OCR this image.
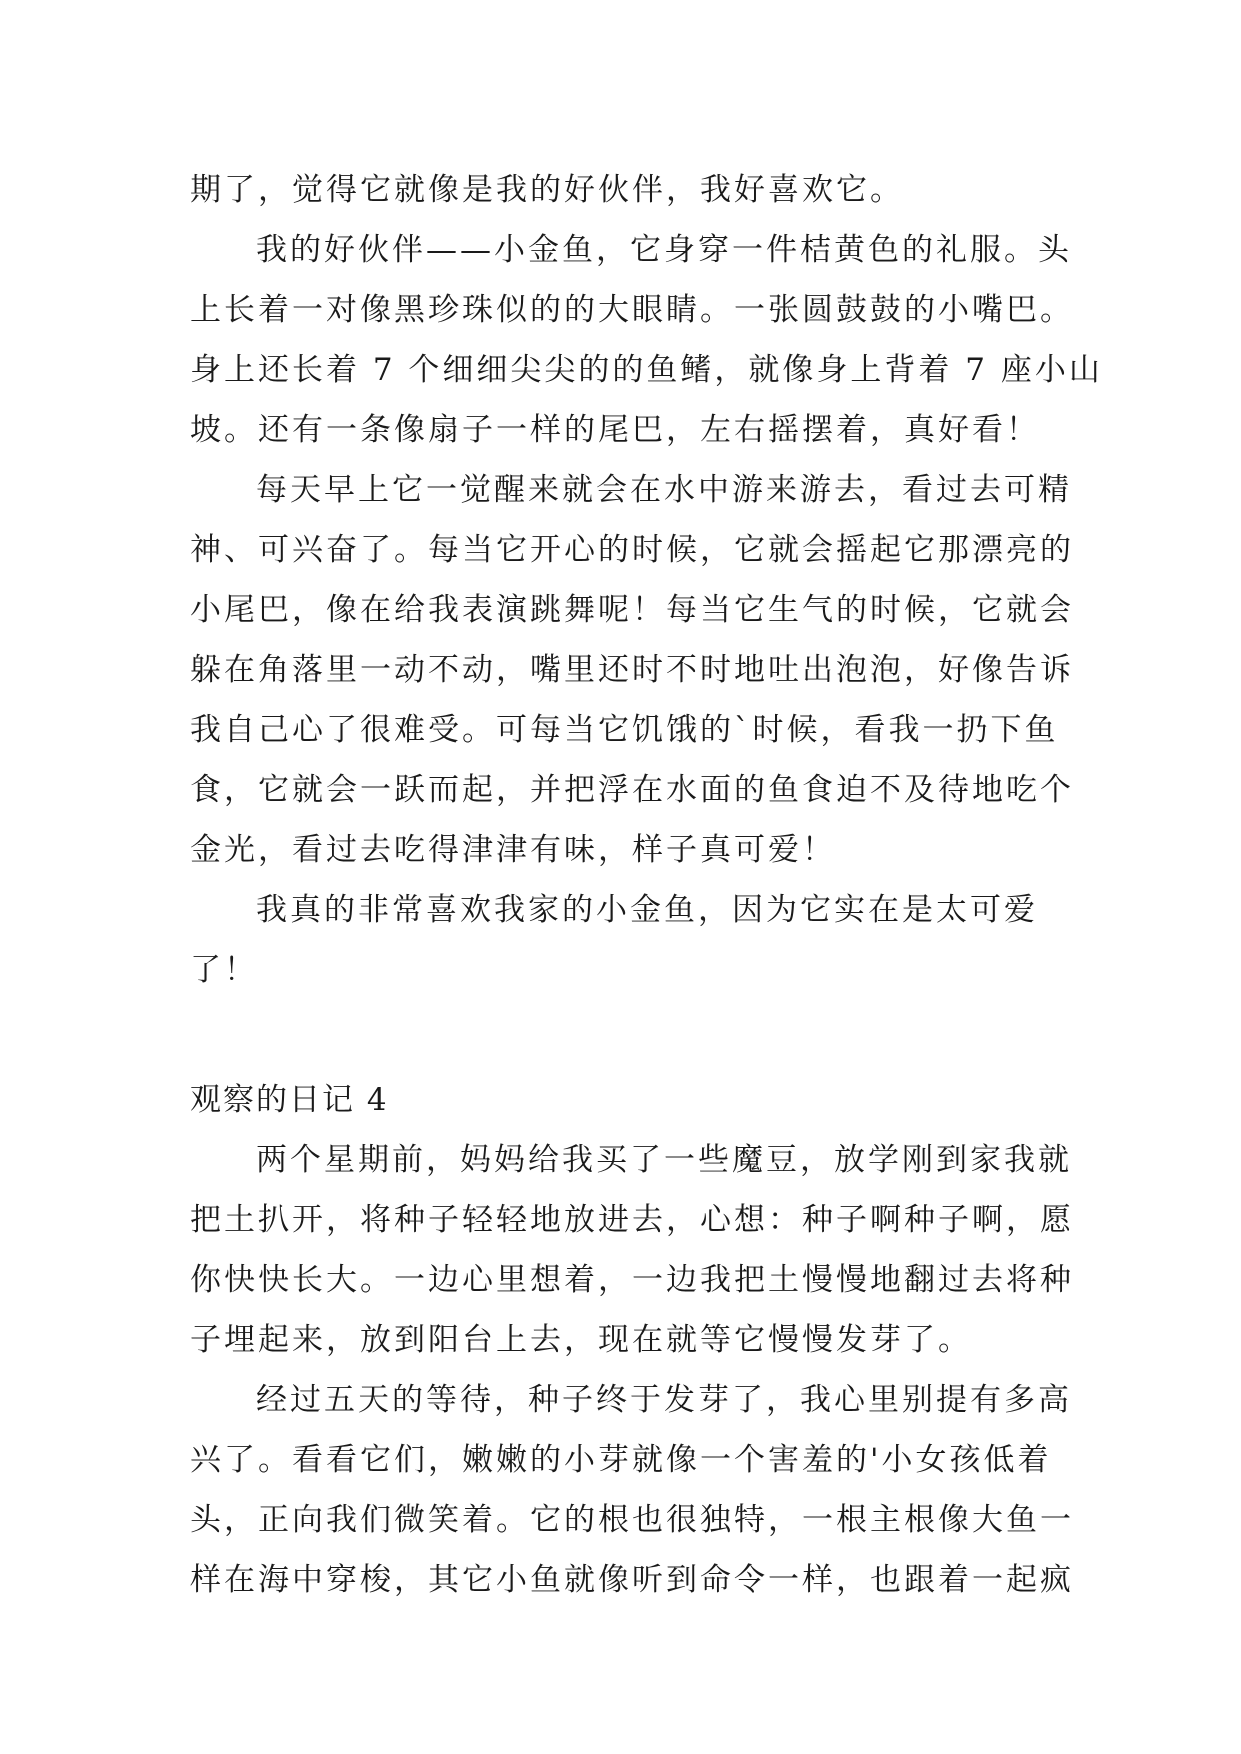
期了，觉得它就像是我的好伙伴，我好喜欢它。

我的好伙伴——小金鱼，它身穿一件桔黄色的礼服。头

上长着一对像黑珍珠似的的大眼睛。一张圆鼓鼓的小嘴巴。

身上还长着 7 个细细尖尖的的鱼鳍，就像身上背着 7 座小山

坡。还有一条像扇子一样的尾巴，左右摇摆着，真好看！

每天早上它一觉醒来就会在水中游来游去，看过去可精

神、可兴奋了。每当它开心的时候，它就会摇起它那漂亮的

小尾巴，像在给我表演跳舞呢！每当它生气的时候，它就会

躲在角落里一动不动，嘴里还时不时地吐出泡泡，好像告诉

我自己心了很难受。可每当它饥饿的`时候，看我一扔下鱼

食，它就会一跃而起，并把浮在水面的鱼食迫不及待地吃个

金光，看过去吃得津津有味，样子真可爱！

我真的非常喜欢我家的小金鱼，因为它实在是太可爱

了！

观察的日记 4

两个星期前，妈妈给我买了一些魔豆，放学刚到家我就

把土扒开，将种子轻轻地放进去，心想：种子啊种子啊，愿

你快快长大。一边心里想着，一边我把土慢慢地翻过去将种

子埋起来，放到阳台上去，现在就等它慢慢发芽了。

经过五天的等待，种子终于发芽了，我心里别提有多高

兴了。看看它们，嫩嫩的小芽就像一个害羞的'小女孩低着

头，正向我们微笑着。它的根也很独特，一根主根像大鱼一

样在海中穿梭，其它小鱼就像听到命令一样，也跟着一起疯
